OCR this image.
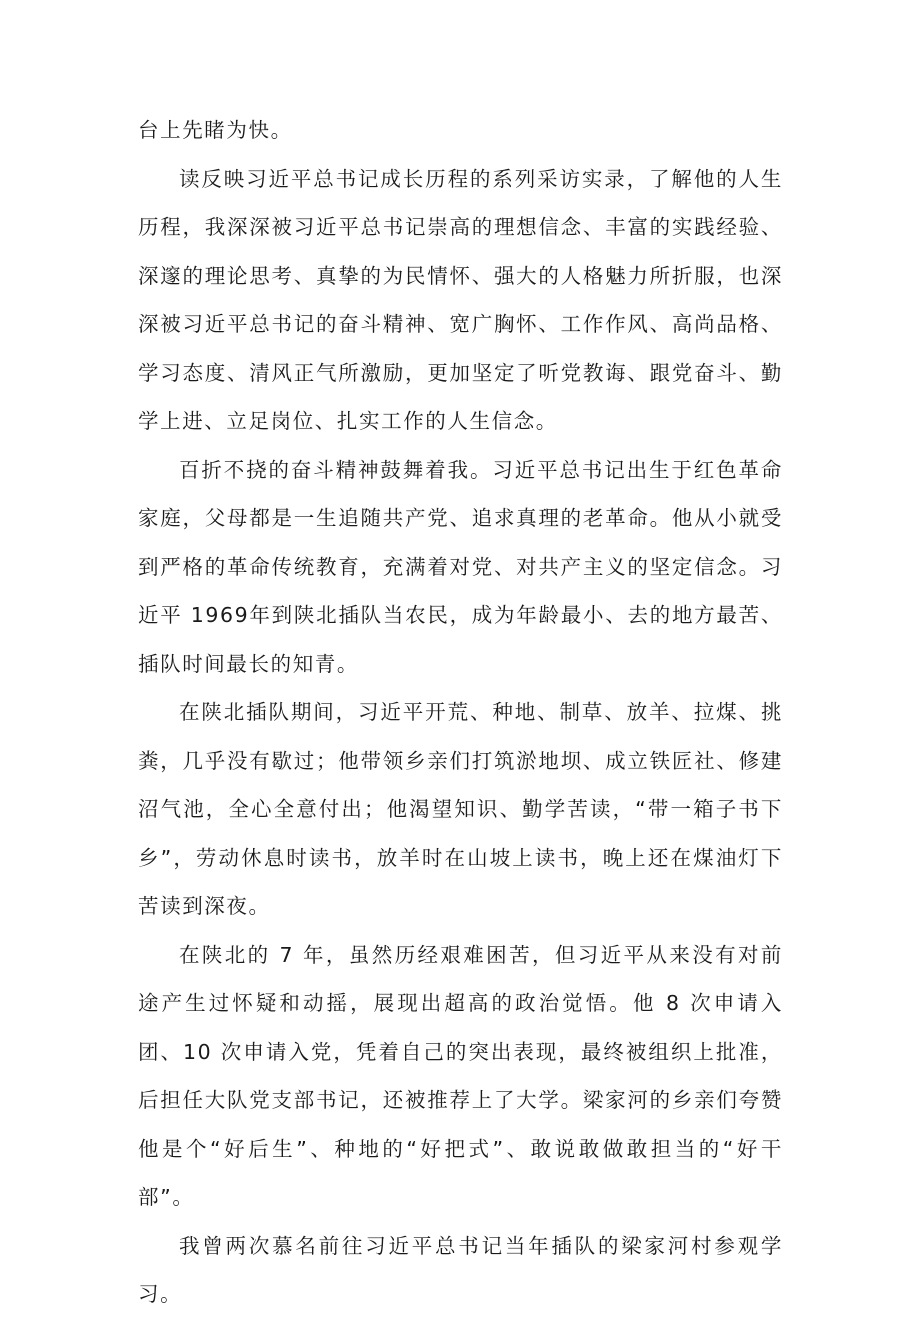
台上先睹为快。

读反映习近平总书记成长历程的系列采访实录，了解他的人生历程，我深深被习近平总书记崇高的理想信念、丰富的实践经验、深邃的理论思考、真挚的为民情怀、强大的人格魅力所折服，也深深被习近平总书记的奋斗精神、宽广胸怀、工作作风、高尚品格、学习态度、清风正气所激励，更加坚定了听党教诲、跟党奋斗、勤学上进、立足岗位、扎实工作的人生信念。

百折不挠的奋斗精神鼓舞着我。习近平总书记出生于红色革命家庭，父母都是一生追随共产党、追求真理的老革命。他从小就受到严格的革命传统教育，充满着对党、对共产主义的坚定信念。习近平 1969年到陕北插队当农民，成为年龄最小、去的地方最苦、插队时间最长的知青。

在陕北插队期间，习近平开荒、种地、制草、放羊、拉煤、挑粪，几乎没有歇过；他带领乡亲们打筑淤地坝、成立铁匠社、修建沼气池，全心全意付出；他渴望知识、勤学苦读，“带一箱子书下乡”，劳动休息时读书，放羊时在山坡上读书，晚上还在煤油灯下苦读到深夜。

在陕北的 7 年，虽然历经艰难困苦，但习近平从来没有对前途产生过怀疑和动摇，展现出超高的政治觉悟。他 8 次申请入团、10 次申请入党，凭着自己的突出表现，最终被组织上批准，后担任大队党支部书记，还被推荐上了大学。梁家河的乡亲们夸赞他是个“好后生”、种地的“好把式”、敢说敢做敢担当的“好干部”。

我曾两次慕名前往习近平总书记当年插队的梁家河村参观学习。
